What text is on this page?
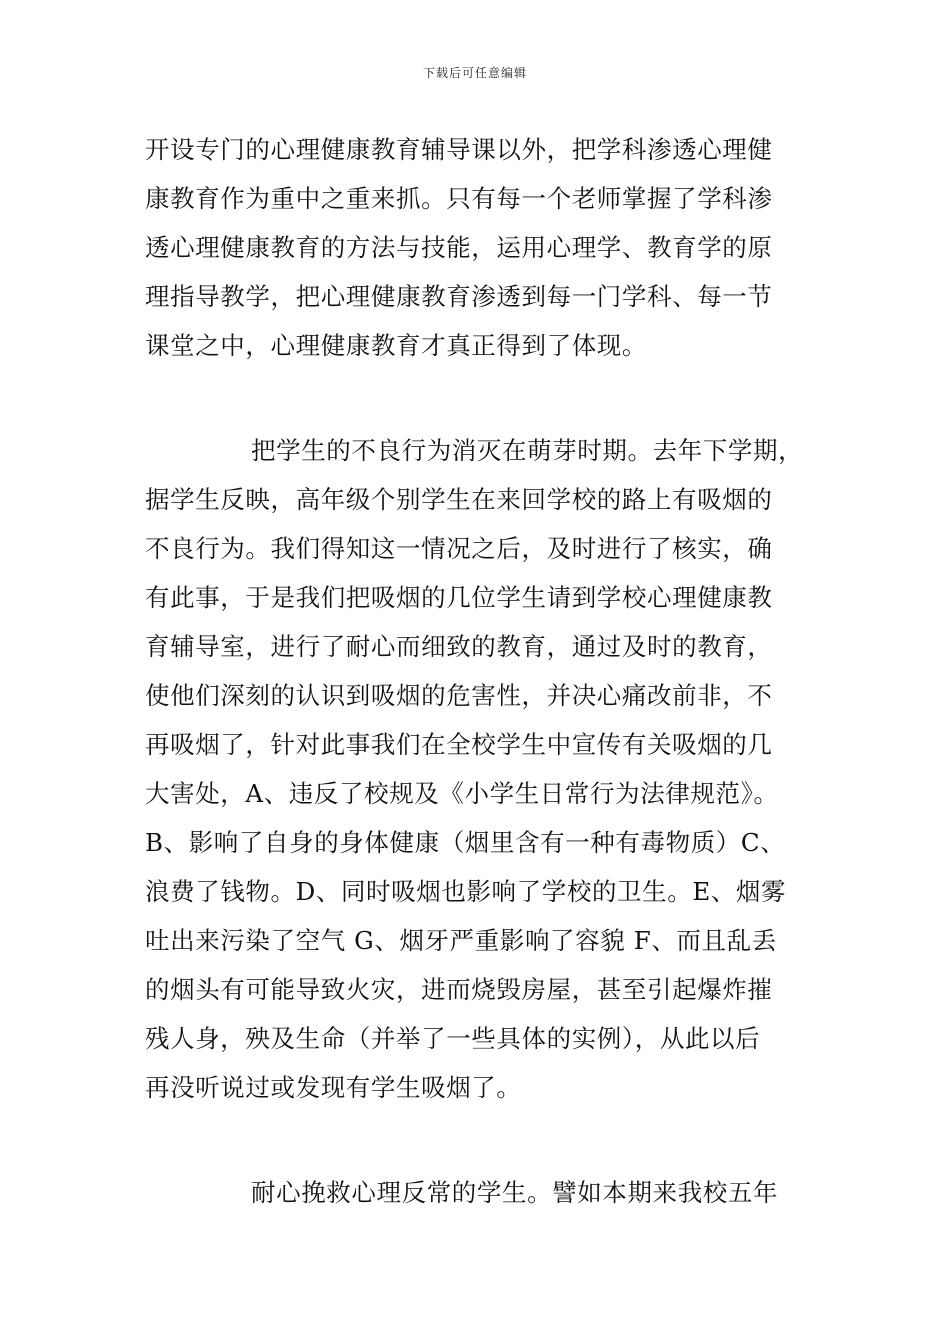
下载后可任意编辑
开设专门的心理健康教育辅导课以外，把学科渗透心理健
康教育作为重中之重来抓。只有每一个老师掌握了学科渗
透心理健康教育的方法与技能，运用心理学、教育学的原
理指导教学，把心理健康教育渗透到每一门学科、每一节
课堂之中，心理健康教育才真正得到了体现。
把学生的不良行为消灭在萌芽时期。去年下学期，
据学生反映，高年级个别学生在来回学校的路上有吸烟的
不良行为。我们得知这一情况之后，及时进行了核实，确
有此事，于是我们把吸烟的几位学生请到学校心理健康教
育辅导室，进行了耐心而细致的教育，通过及时的教育，
使他们深刻的认识到吸烟的危害性，并决心痛改前非，不
再吸烟了，针对此事我们在全校学生中宣传有关吸烟的几
大害处，A、违反了校规及《小学生日常行为法律规范》。
B、影响了自身的身体健康（烟里含有一种有毒物质）C、
浪费了钱物。D、同时吸烟也影响了学校的卫生。E、烟雾
吐出来污染了空气 G、烟牙严重影响了容貌 F、而且乱丢
的烟头有可能导致火灾，进而烧毁房屋，甚至引起爆炸摧
残人身，殃及生命（并举了一些具体的实例），从此以后
再没听说过或发现有学生吸烟了。
耐心挽救心理反常的学生。譬如本期来我校五年
